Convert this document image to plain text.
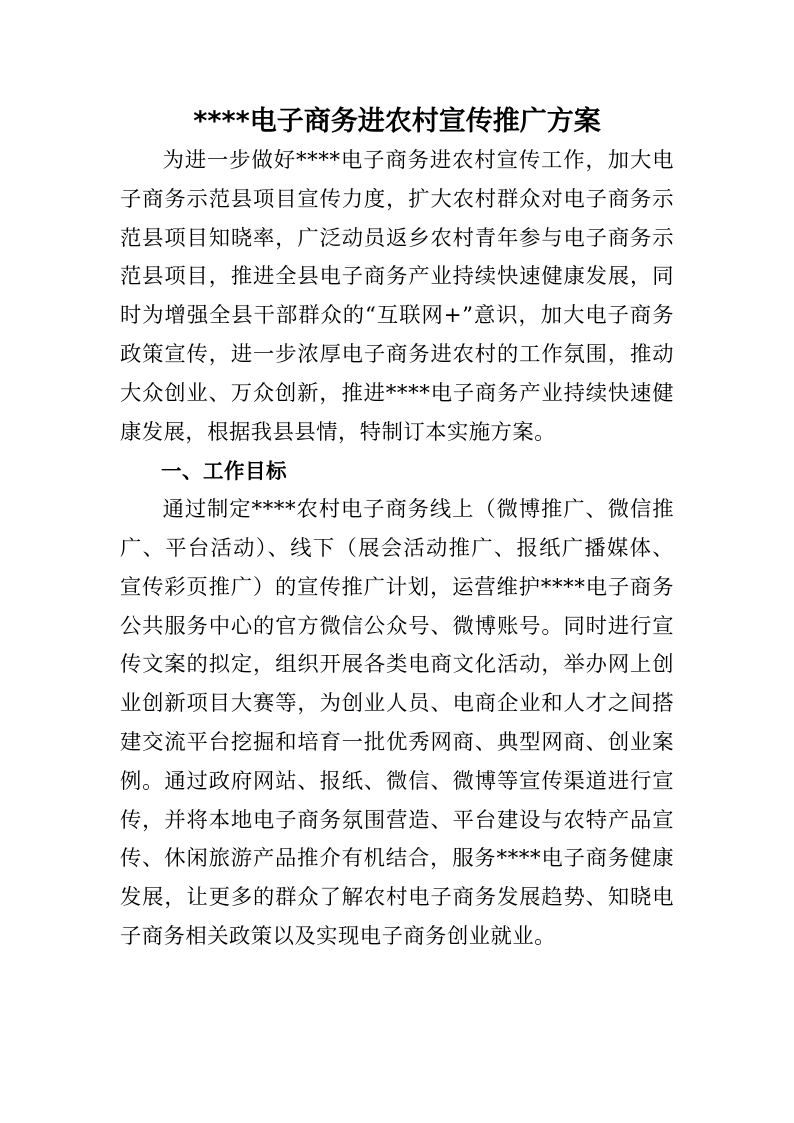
****电子商务进农村宣传推广方案

为进一步做好****电子商务进农村宣传工作，加大电子商务示范县项目宣传力度，扩大农村群众对电子商务示范县项目知晓率，广泛动员返乡农村青年参与电子商务示范县项目，推进全县电子商务产业持续快速健康发展，同时为增强全县干部群众的“互联网+”意识，加大电子商务政策宣传，进一步浓厚电子商务进农村的工作氛围，推动大众创业、万众创新，推进****电子商务产业持续快速健康发展，根据我县县情，特制订本实施方案。

一、工作目标

通过制定****农村电子商务线上（微博推广、微信推广、平台活动）、线下（展会活动推广、报纸广播媒体、宣传彩页推广）的宣传推广计划，运营维护****电子商务公共服务中心的官方微信公众号、微博账号。同时进行宣传文案的拟定，组织开展各类电商文化活动，举办网上创业创新项目大赛等，为创业人员、电商企业和人才之间搭建交流平台挖掘和培育一批优秀网商、典型网商、创业案例。通过政府网站、报纸、微信、微博等宣传渠道进行宣传，并将本地电子商务氛围营造、平台建设与农特产品宣传、休闲旅游产品推介有机结合，服务****电子商务健康发展，让更多的群众了解农村电子商务发展趋势、知晓电子商务相关政策以及实现电子商务创业就业。
